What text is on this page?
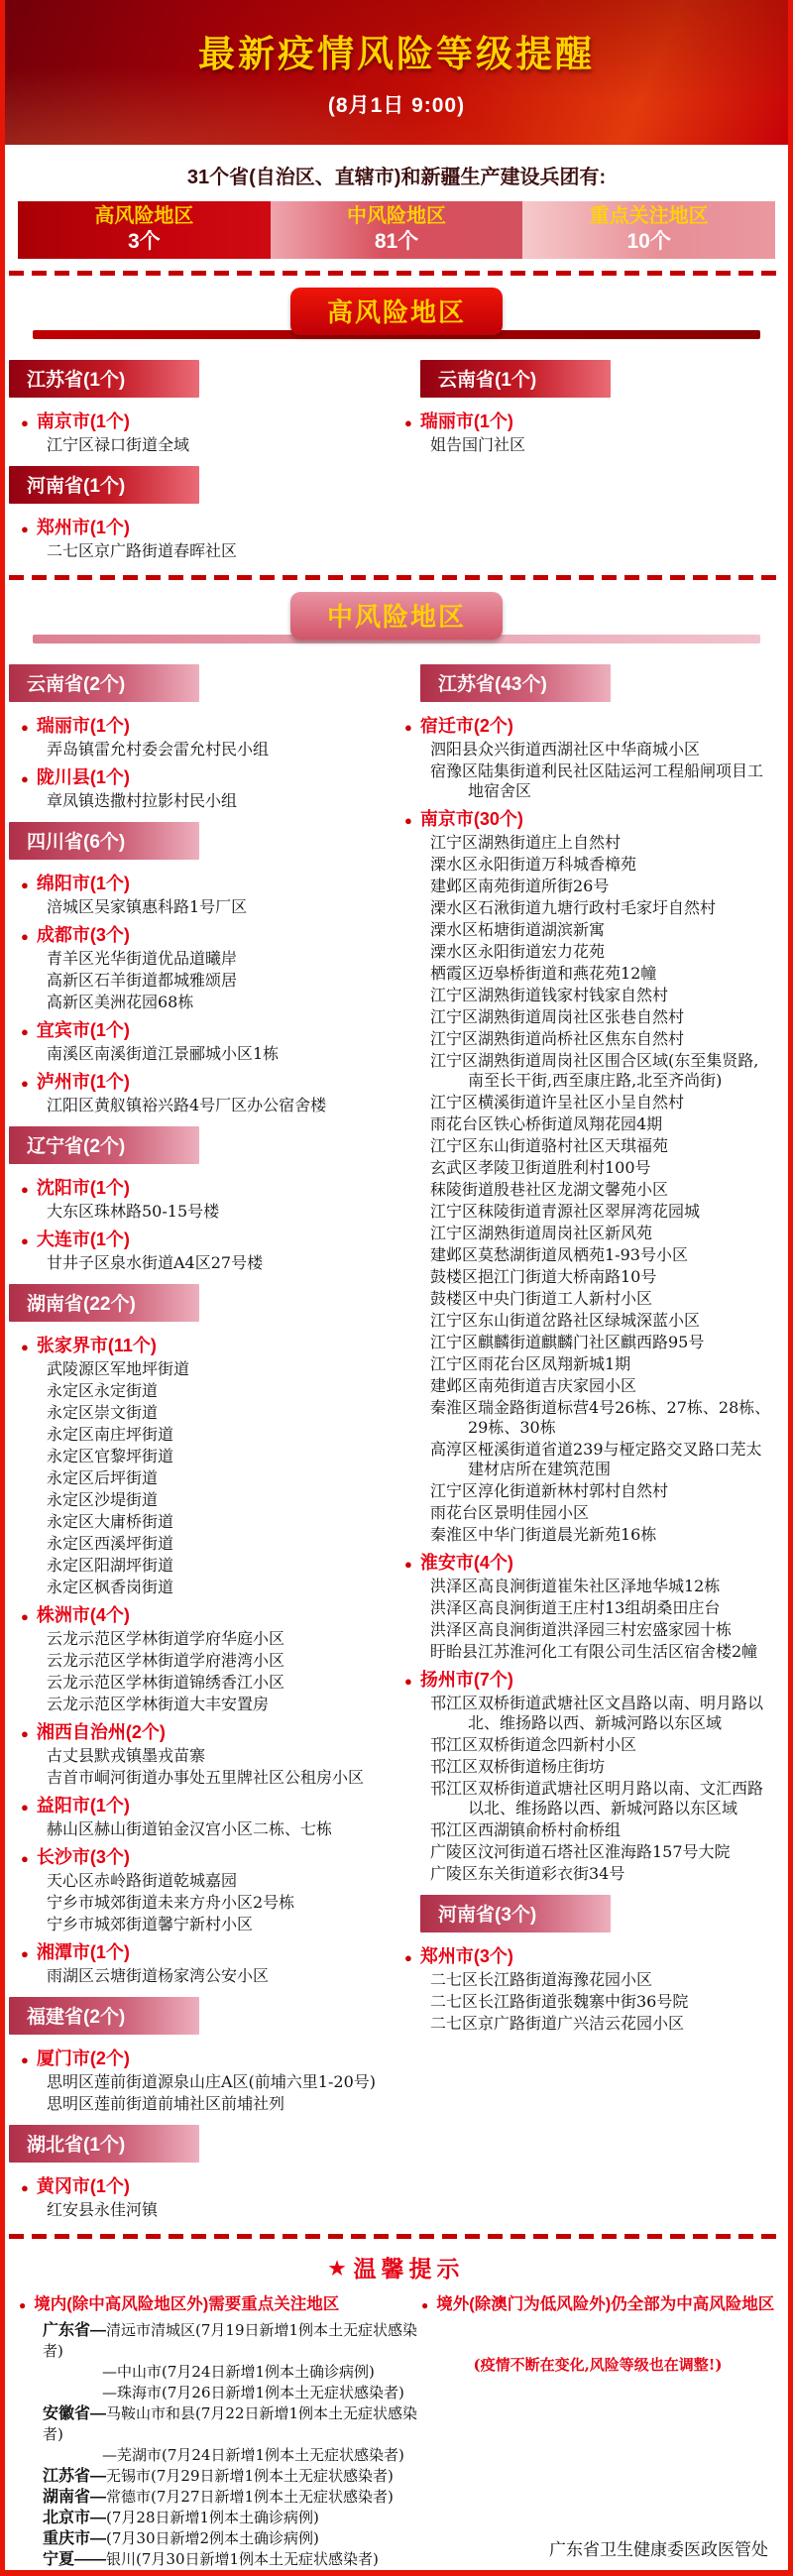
最新疫情风险等级提醒
(8月1日 9:00)
31个省(自治区、直辖市)和新疆生产建设兵团有:
高风险地区
3个
中风险地区
81个
重点关注地区
10个
高风险地区
江苏省(1个)
● 南京市(1个)
江宁区禄口街道全域
河南省(1个)
● 郑州市(1个)
二七区京广路街道春晖社区
云南省(1个)
● 瑞丽市(1个)
姐告国门社区
中风险地区
云南省(2个)
● 瑞丽市(1个)
弄岛镇雷允村委会雷允村民小组
● 陇川县(1个)
章凤镇迭撒村拉影村民小组
四川省(6个)
● 绵阳市(1个)
涪城区吴家镇惠科路1号厂区
● 成都市(3个)
青羊区光华街道优品道曦岸
高新区石羊街道都城雅颂居
高新区美洲花园68栋
● 宜宾市(1个)
南溪区南溪街道江景郦城小区1栋
● 泸州市(1个)
江阳区黄舣镇裕兴路4号厂区办公宿舍楼
辽宁省(2个)
● 沈阳市(1个)
大东区珠林路50-15号楼
● 大连市(1个)
甘井子区泉水街道A4区27号楼
湖南省(22个)
● 张家界市(11个)
武陵源区军地坪街道
永定区永定街道
永定区崇文街道
永定区南庄坪街道
永定区官黎坪街道
永定区后坪街道
永定区沙堤街道
永定区大庸桥街道
永定区西溪坪街道
永定区阳湖坪街道
永定区枫香岗街道
● 株洲市(4个)
云龙示范区学林街道学府华庭小区
云龙示范区学林街道学府港湾小区
云龙示范区学林街道锦绣香江小区
云龙示范区学林街道大丰安置房
● 湘西自治州(2个)
古丈县默戎镇墨戎苗寨
吉首市峒河街道办事处五里牌社区公租房小区
● 益阳市(1个)
赫山区赫山街道铂金汉宫小区二栋、七栋
● 长沙市(3个)
天心区赤岭路街道乾城嘉园
宁乡市城郊街道未来方舟小区2号栋
宁乡市城郊街道馨宁新村小区
● 湘潭市(1个)
雨湖区云塘街道杨家湾公安小区
福建省(2个)
● 厦门市(2个)
思明区莲前街道源泉山庄A区(前埔六里1-20号)
思明区莲前街道前埔社区前埔社列
湖北省(1个)
● 黄冈市(1个)
红安县永佳河镇
江苏省(43个)
● 宿迁市(2个)
泗阳县众兴街道西湖社区中华商城小区
宿豫区陆集街道利民社区陆运河工程船闸项目工地宿舍区
● 南京市(30个)
江宁区湖熟街道庄上自然村
溧水区永阳街道万科城香樟苑
建邺区南苑街道所街26号
溧水区石湫街道九塘行政村毛家圩自然村
溧水区柘塘街道湖滨新寓
溧水区永阳街道宏力花苑
栖霞区迈皋桥街道和燕花苑12幢
江宁区湖熟街道钱家村钱家自然村
江宁区湖熟街道周岗社区张巷自然村
江宁区湖熟街道尚桥社区焦东自然村
江宁区湖熟街道周岗社区围合区域(东至集贤路,南至长干街,西至康庄路,北至齐尚街)
江宁区横溪街道许呈社区小呈自然村
雨花台区铁心桥街道凤翔花园4期
江宁区东山街道骆村社区天琪福苑
玄武区孝陵卫街道胜利村100号
秣陵街道殷巷社区龙湖文馨苑小区
江宁区秣陵街道青源社区翠屏湾花园城
江宁区湖熟街道周岗社区新风苑
建邺区莫愁湖街道凤栖苑1-93号小区
鼓楼区挹江门街道大桥南路10号
鼓楼区中央门街道工人新村小区
江宁区东山街道岔路社区绿城深蓝小区
江宁区麒麟街道麒麟门社区麒西路95号
江宁区雨花台区凤翔新城1期
建邺区南苑街道吉庆家园小区
秦淮区瑞金路街道标营4号26栋、27栋、28栋、29栋、30栋
高淳区桠溪街道省道239与桠定路交叉路口芜太建材店所在建筑范围
江宁区淳化街道新林村郭村自然村
雨花台区景明佳园小区
秦淮区中华门街道晨光新苑16栋
● 淮安市(4个)
洪泽区高良涧街道崔朱社区泽地华城12栋
洪泽区高良涧街道王庄村13组胡桑田庄台
洪泽区高良涧街道洪泽园三村宏盛家园十栋
盱眙县江苏淮河化工有限公司生活区宿舍楼2幢
● 扬州市(7个)
邗江区双桥街道武塘社区文昌路以南、明月路以北、维扬路以西、新城河路以东区域
邗江区双桥街道念四新村小区
邗江区双桥街道杨庄街坊
邗江区双桥街道武塘社区明月路以南、文汇西路以北、维扬路以西、新城河路以东区域
邗江区西湖镇俞桥村俞桥组
广陵区汶河街道石塔社区淮海路157号大院
广陵区东关街道彩衣街34号
河南省(3个)
● 郑州市(3个)
二七区长江路街道海豫花园小区
二七区长江路街道张魏寨中街36号院
二七区京广路街道广兴洁云花园小区
★ 温馨提示
● 境内(除中高风险地区外)需要重点关注地区
广东省—清远市清城区(7月19日新增1例本土无症状感染者)
—中山市(7月24日新增1例本土确诊病例)
—珠海市(7月26日新增1例本土无症状感染者)
安徽省—马鞍山市和县(7月22日新增1例本土无症状感染者)
—芜湖市(7月24日新增1例本土无症状感染者)
江苏省—无锡市(7月29日新增1例本土无症状感染者)
湖南省—常德市(7月27日新增1例本土无症状感染者)
北京市—(7月28日新增1例本土确诊病例)
重庆市—(7月30日新增2例本土确诊病例)
宁夏——银川(7月30日新增1例本土无症状感染者)
● 境外(除澳门为低风险外)仍全部为中高风险地区
(疫情不断在变化,风险等级也在调整!)
广东省卫生健康委医政医管处
